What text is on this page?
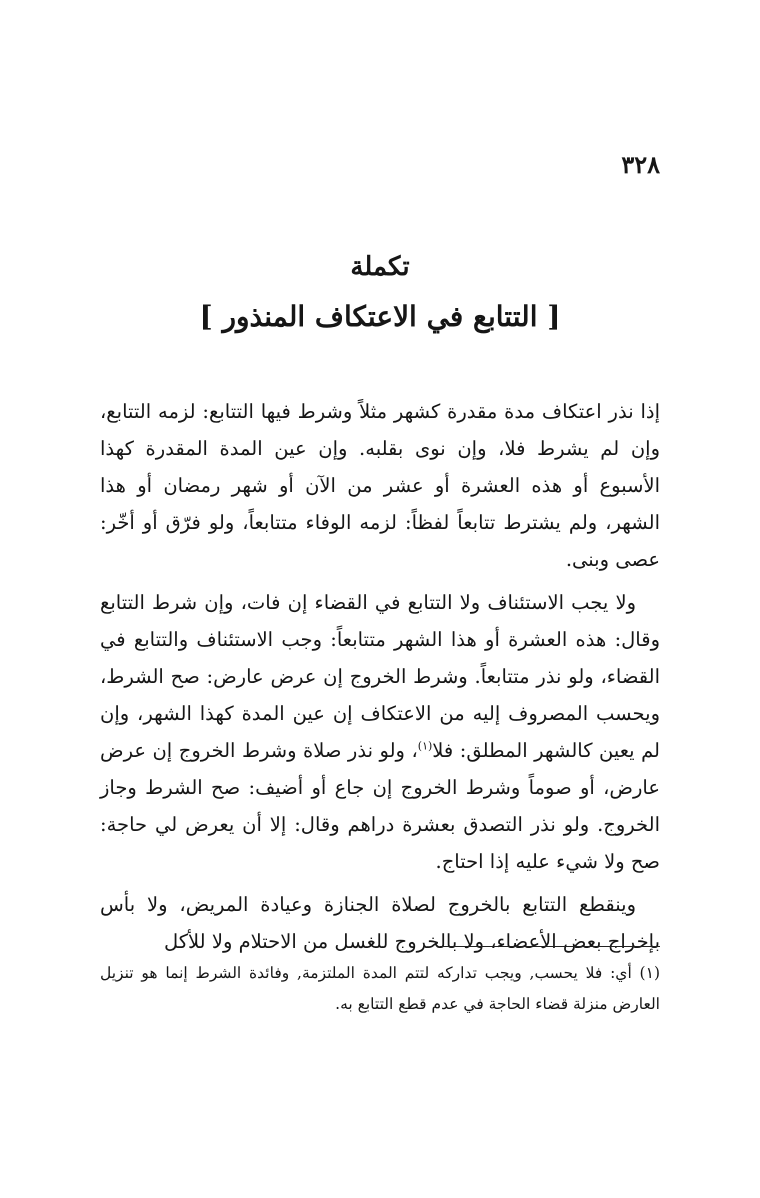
٣٢٨
تكملة
[ التتابع في الاعتكاف المنذور ]

إذا نذر اعتكاف مدة مقدرة كشهر مثلاً وشرط فيها التتابع: لزمه التتابع، وإن لم يشرط فلا، وإن نوى بقلبه. وإن عين المدة المقدرة كهذا الأسبوع أو هذه العشرة أو عشر من الآن أو شهر رمضان أو هذا الشهر، ولم يشترط تتابعاً لفظاً: لزمه الوفاء متتابعاً، ولو فرّق أو أخّر: عصى وبنى.

ولا يجب الاستئناف ولا التتابع في القضاء إن فات، وإن شرط التتابع وقال: هذه العشرة أو هذا الشهر متتابعاً: وجب الاستئناف والتتابع في القضاء، ولو نذر متتابعاً. وشرط الخروج إن عرض عارض: صح الشرط، ويحسب المصروف إليه من الاعتكاف إن عين المدة كهذا الشهر، وإن لم يعين كالشهر المطلق: فلا$^{(١)}$، ولو نذر صلاة وشرط الخروج إن عرض عارض، أو صوماً وشرط الخروج إن جاع أو أضيف: صح الشرط وجاز الخروج. ولو نذر التصدق بعشرة دراهم وقال: إلا أن يعرض لي حاجة: صح ولا شيء عليه إذا احتاج.

وينقطع التتابع بالخروج لصلاة الجنازة وعيادة المريض، ولا بأس بإخراج بعض الأعضاء، ولا بالخروج للغسل من الاحتلام ولا للأكل

(١) أي: فلا يحسب, ويجب تداركه لتتم المدة الملتزمة, وفائدة الشرط إنما هو تنزيل العارض منزلة قضاء الحاجة في عدم قطع التتابع به.
